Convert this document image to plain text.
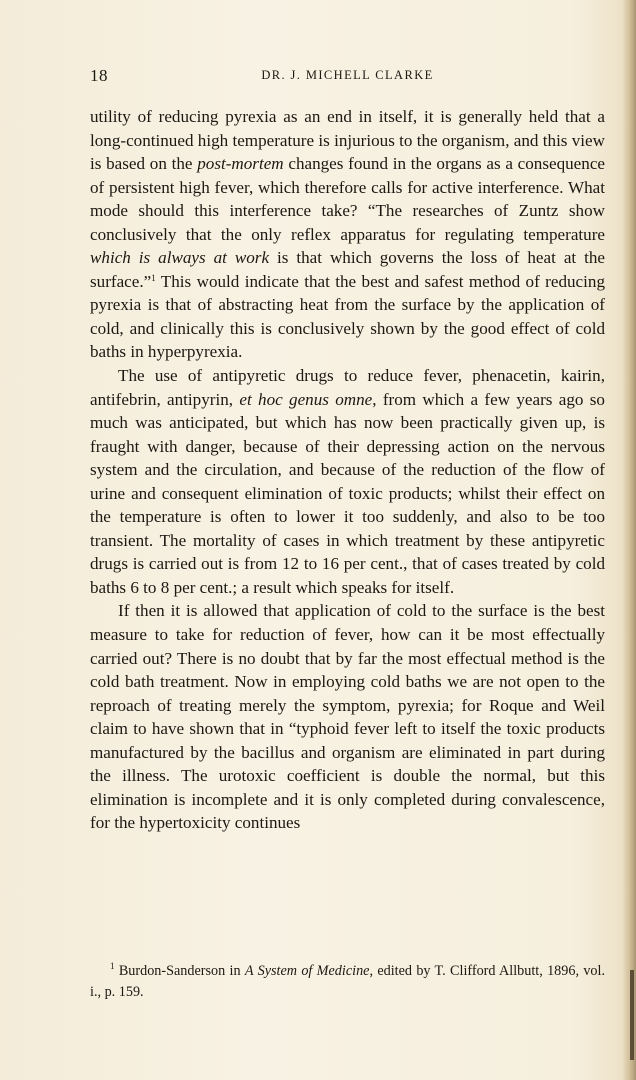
18	DR. J. MICHELL CLARKE

utility of reducing pyrexia as an end in itself, it is generally held that a long-continued high temperature is injurious to the organism, and this view is based on the post-mortem changes found in the organs as a consequence of persistent high fever, which therefore calls for active interference. What mode should this interference take? “The researches of Zuntz show conclusively that the only reflex apparatus for regulating temperature which is always at work is that which governs the loss of heat at the surface.”$^1$ This would indicate that the best and safest method of reducing pyrexia is that of abstracting heat from the surface by the application of cold, and clinically this is conclusively shown by the good effect of cold baths in hyperpyrexia.

The use of antipyretic drugs to reduce fever, phenacetin, kairin, antifebrin, antipyrin, et hoc genus omne, from which a few years ago so much was anticipated, but which has now been practically given up, is fraught with danger, because of their depressing action on the nervous system and the circulation, and because of the reduction of the flow of urine and consequent elimination of toxic products; whilst their effect on the temperature is often to lower it too suddenly, and also to be too transient. The mortality of cases in which treatment by these antipyretic drugs is carried out is from 12 to 16 per cent., that of cases treated by cold baths 6 to 8 per cent.; a result which speaks for itself.

If then it is allowed that application of cold to the surface is the best measure to take for reduction of fever, how can it be most effectually carried out? There is no doubt that by far the most effectual method is the cold bath treatment. Now in employing cold baths we are not open to the reproach of treating merely the symptom, pyrexia; for Roque and Weil claim to have shown that in “typhoid fever left to itself the toxic products manufactured by the bacillus and organism are eliminated in part during the illness. The urotoxic coefficient is double the normal, but this elimination is incomplete and it is only completed during convalescence, for the hypertoxicity continues

$^1$ Burdon-Sanderson in A System of Medicine, edited by T. Clifford Allbutt, 1896, vol. i., p. 159.
